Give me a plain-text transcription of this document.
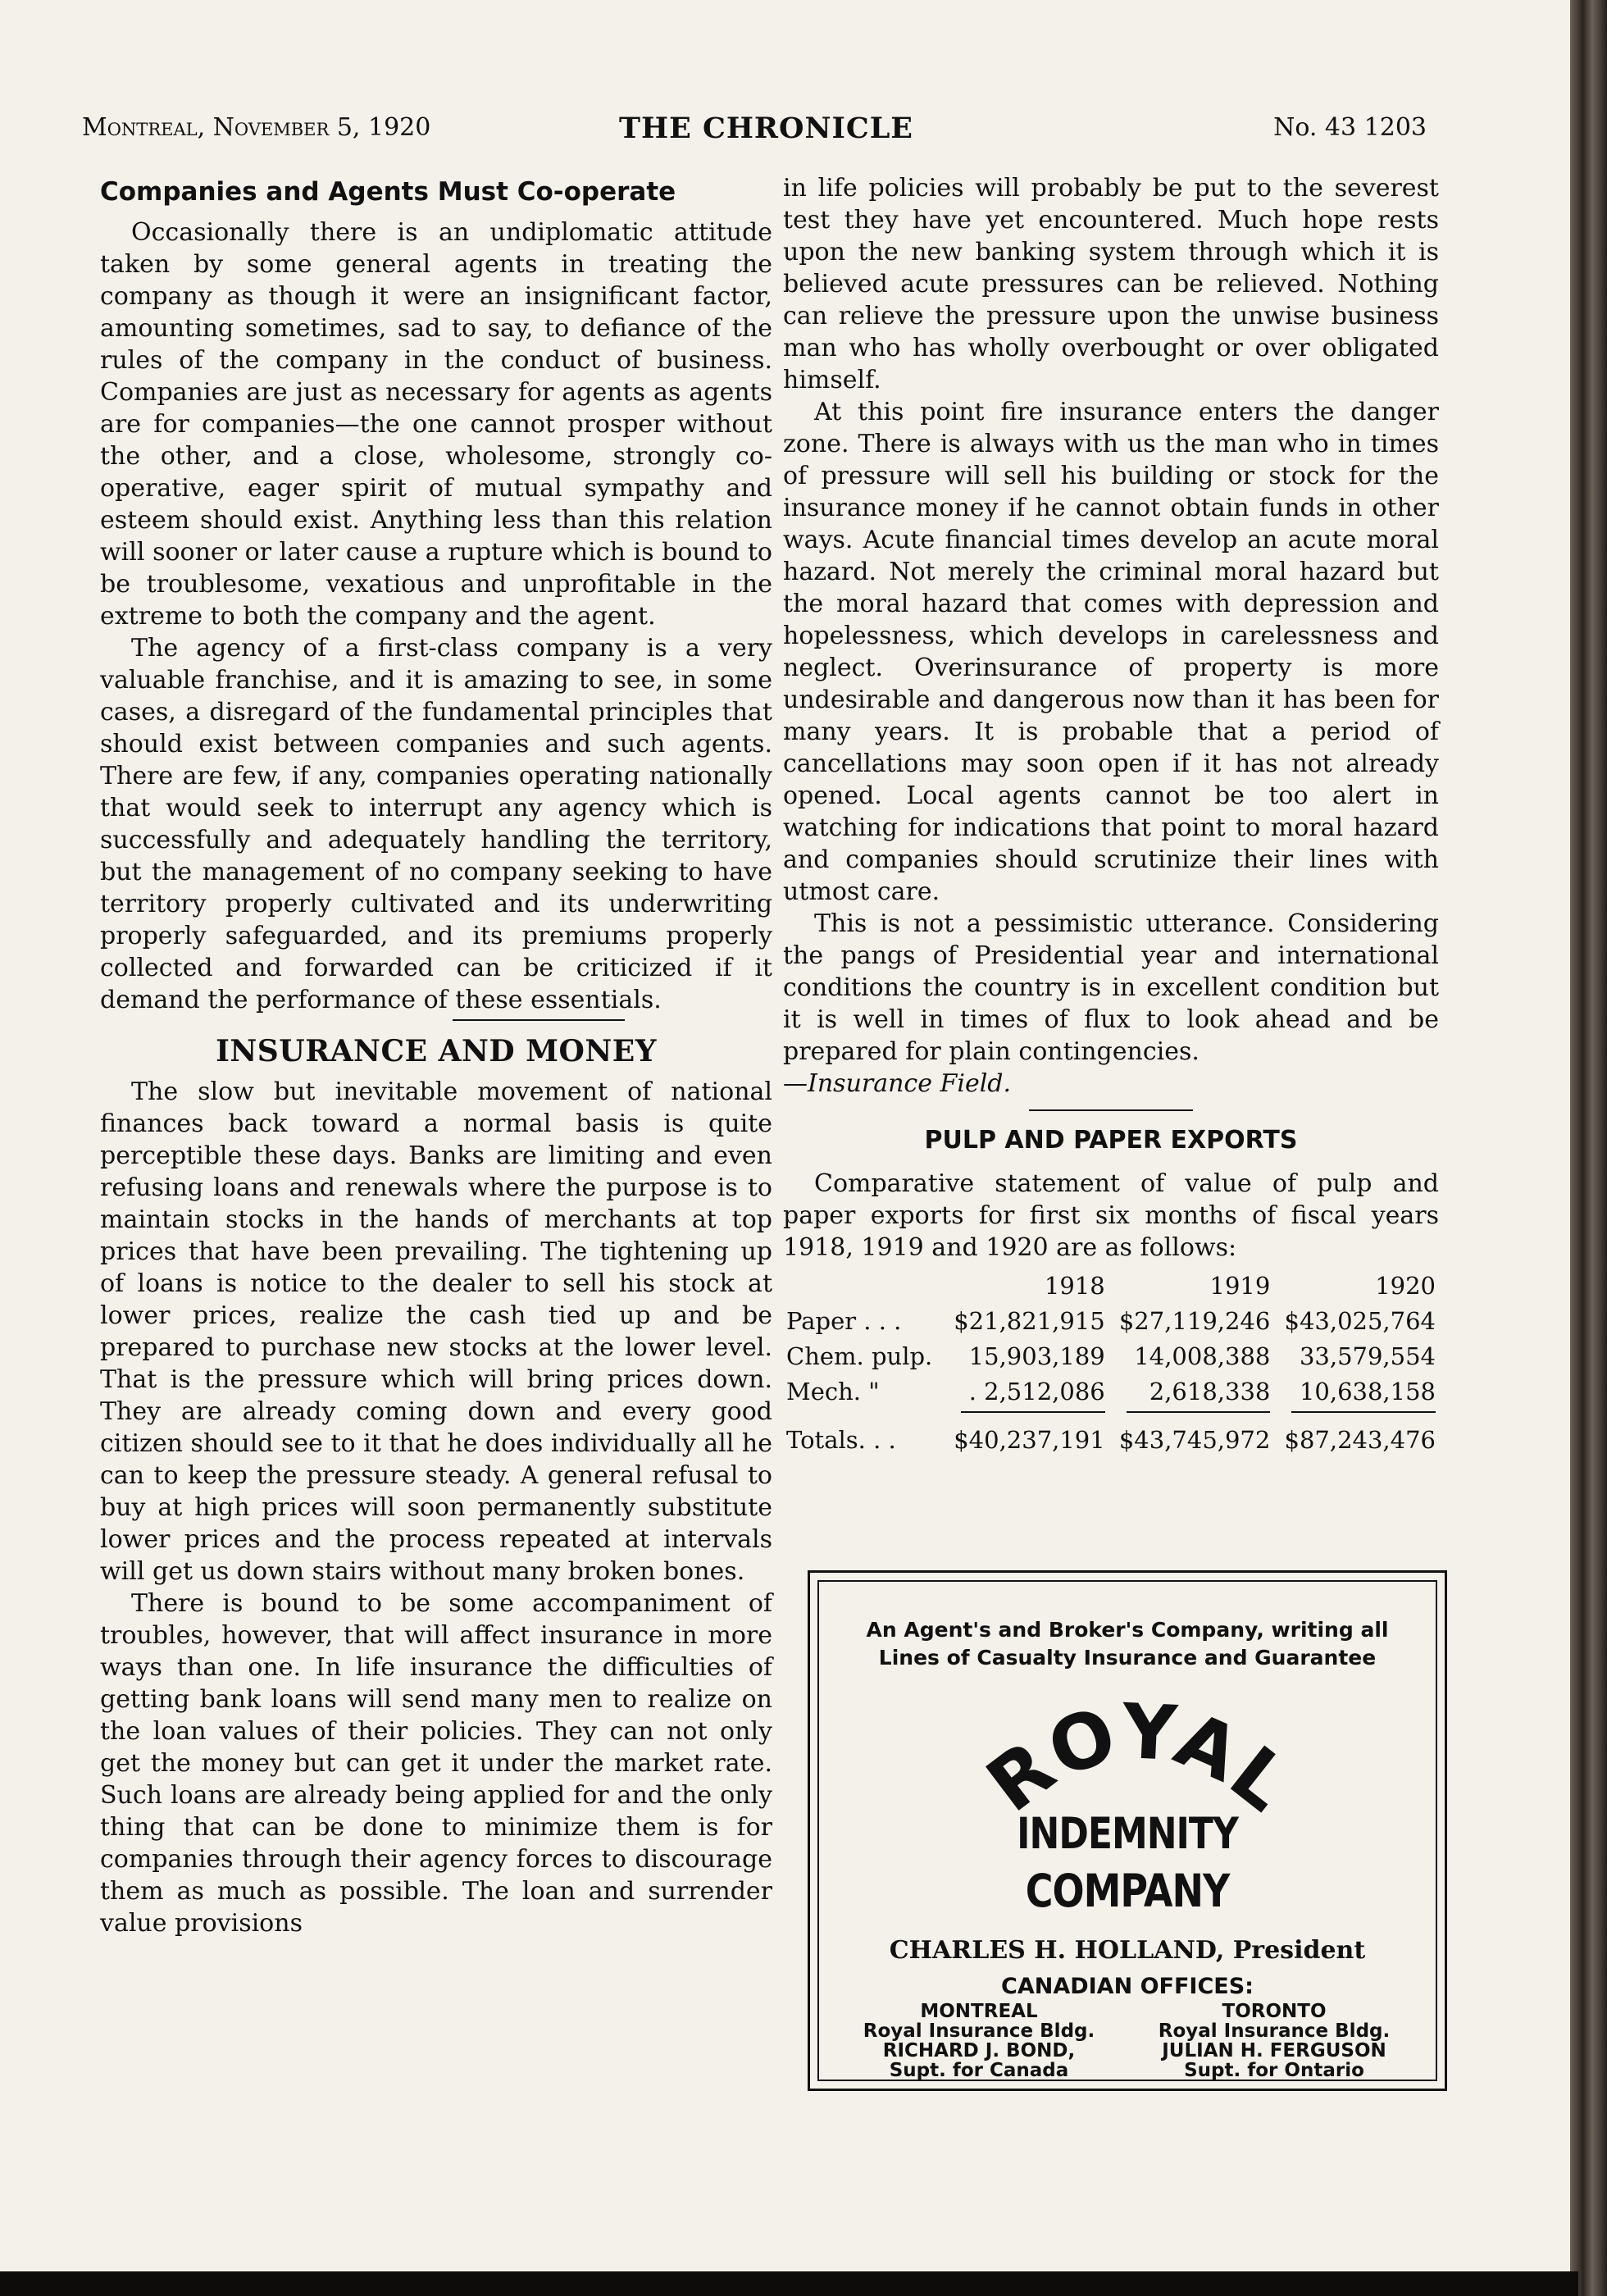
Montreal, November 5, 1920	THE CHRONICLE	No. 43 1203
Companies and Agents Must Co-operate

Occasionally there is an undiplomatic attitude taken by some general agents in treating the company as though it were an insignificant factor, amounting sometimes, sad to say, to defiance of the rules of the company in the conduct of business. Companies are just as necessary for agents as agents are for companies—the one cannot prosper without the other, and a close, wholesome, strongly co-operative, eager spirit of mutual sympathy and esteem should exist. Anything less than this relation will sooner or later cause a rupture which is bound to be troublesome, vexatious and unprofitable in the extreme to both the company and the agent.

The agency of a first-class company is a very valuable franchise, and it is amazing to see, in some cases, a disregard of the fundamental principles that should exist between companies and such agents. There are few, if any, companies operating nationally that would seek to interrupt any agency which is successfully and adequately handling the territory, but the management of no company seeking to have territory properly cultivated and its underwriting properly safeguarded, and its premiums properly collected and forwarded can be criticized if it demand the performance of these essentials.

INSURANCE AND MONEY

The slow but inevitable movement of national finances back toward a normal basis is quite perceptible these days. Banks are limiting and even refusing loans and renewals where the purpose is to maintain stocks in the hands of merchants at top prices that have been prevailing. The tightening up of loans is notice to the dealer to sell his stock at lower prices, realize the cash tied up and be prepared to purchase new stocks at the lower level. That is the pressure which will bring prices down. They are already coming down and every good citizen should see to it that he does individually all he can to keep the pressure steady. A general refusal to buy at high prices will soon permanently substitute lower prices and the process repeated at intervals will get us down stairs without many broken bones.

There is bound to be some accompaniment of troubles, however, that will affect insurance in more ways than one. In life insurance the difficulties of getting bank loans will send many men to realize on the loan values of their policies. They can not only get the money but can get it under the market rate. Such loans are already being applied for and the only thing that can be done to minimize them is for companies through their agency forces to discourage them as much as possible. The loan and surrender value provisions

in life policies will probably be put to the severest test they have yet encountered. Much hope rests upon the new banking system through which it is believed acute pressures can be relieved. Nothing can relieve the pressure upon the unwise business man who has wholly overbought or over obligated himself.

At this point fire insurance enters the danger zone. There is always with us the man who in times of pressure will sell his building or stock for the insurance money if he cannot obtain funds in other ways. Acute financial times develop an acute moral hazard. Not merely the criminal moral hazard but the moral hazard that comes with depression and hopelessness, which develops in carelessness and neglect. Overinsurance of property is more undesirable and dangerous now than it has been for many years. It is probable that a period of cancellations may soon open if it has not already opened. Local agents cannot be too alert in watching for indications that point to moral hazard and companies should scrutinize their lines with utmost care.

This is not a pessimistic utterance. Considering the pangs of Presidential year and international conditions the country is in excellent condition but it is well in times of flux to look ahead and be prepared for plain contingencies.

—Insurance Field.
PULP AND PAPER EXPORTS

Comparative statement of value of pulp and paper exports for first six months of fiscal years 1918, 1919 and 1920 are as follows:

	1918	1919	1920
Paper . . .	$21,821,915	$27,119,246	$43,025,764
Chem. pulp.	15,903,189	14,008,388	33,579,554
Mech. "	. 2,512,086	2,618,338	10,638,158

Totals. . .	$40,237,191	$43,745,972	$87,243,476
An Agent's and Broker's Company, writing all
Lines of Casualty Insurance and Guarantee
ROYAL
INDEMNITY
COMPANY
CHARLES H. HOLLAND, President
CANADIAN OFFICES:
MONTREAL
Royal Insurance Bldg.
RICHARD J. BOND,
Supt. for Canada
TORONTO
Royal Insurance Bldg.
JULIAN H. FERGUSON
Supt. for Ontario
